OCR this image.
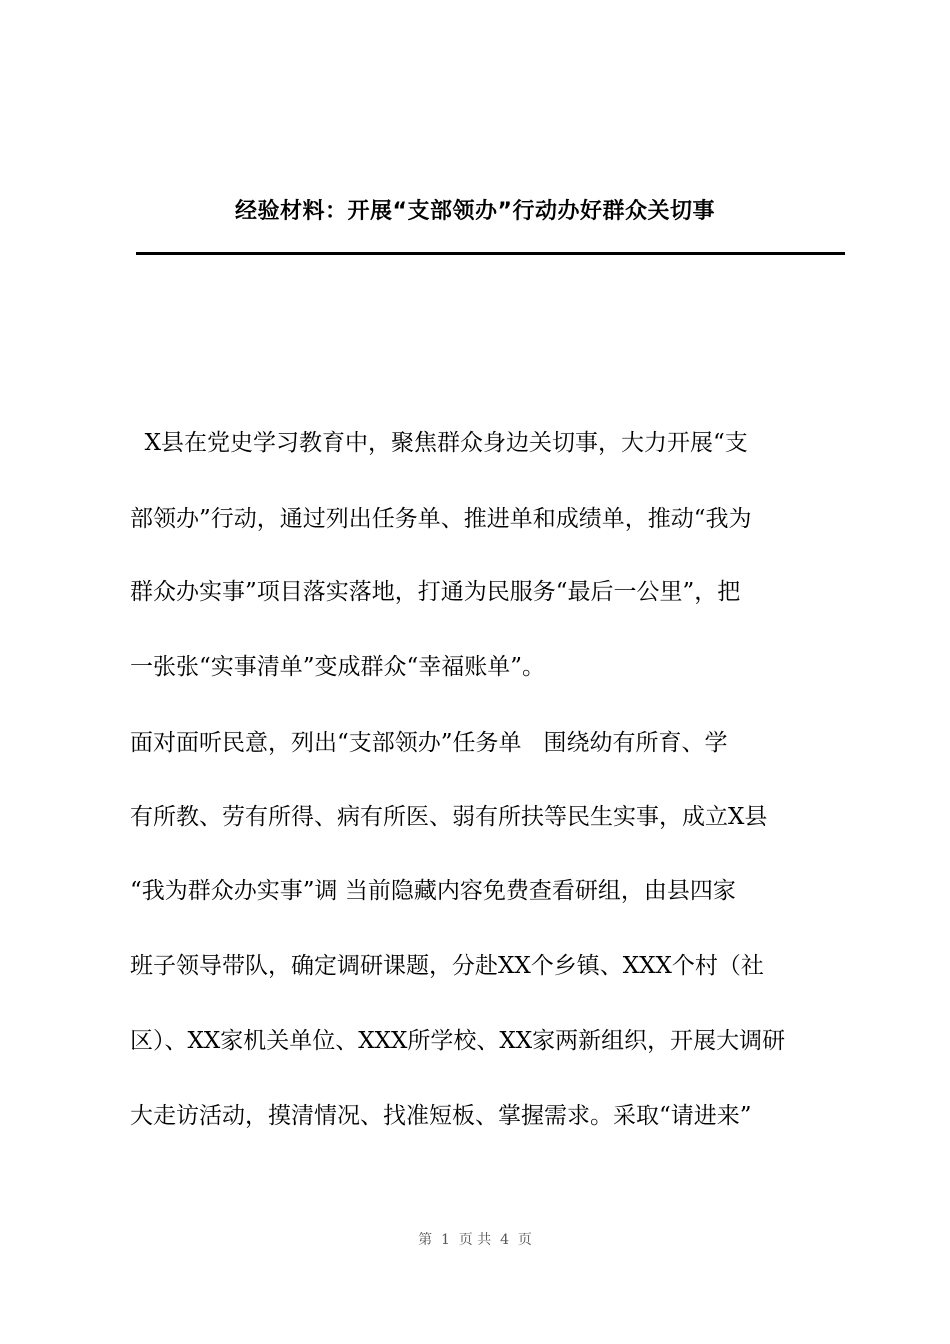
经验材料：开展“支部领办”行动办好群众关切事
X县在党史学习教育中，聚焦群众身边关切事，大力开展“支
部领办”行动，通过列出任务单、推进单和成绩单，推动“我为
群众办实事”项目落实落地，打通为民服务“最后一公里”，把
一张张“实事清单”变成群众“幸福账单”。
面对面听民意，列出“支部领办”任务单   围绕幼有所育、学
有所教、劳有所得、病有所医、弱有所扶等民生实事，成立X县
“我为群众办实事”调 当前隐藏内容免费查看研组，由县四家
班子领导带队，确定调研课题，分赴XX个乡镇、XXX个村（社
区）、XX家机关单位、XXX所学校、XX家两新组织，开展大调研
大走访活动，摸清情况、找准短板、掌握需求。采取“请进来”
第  1  页 共  4  页
